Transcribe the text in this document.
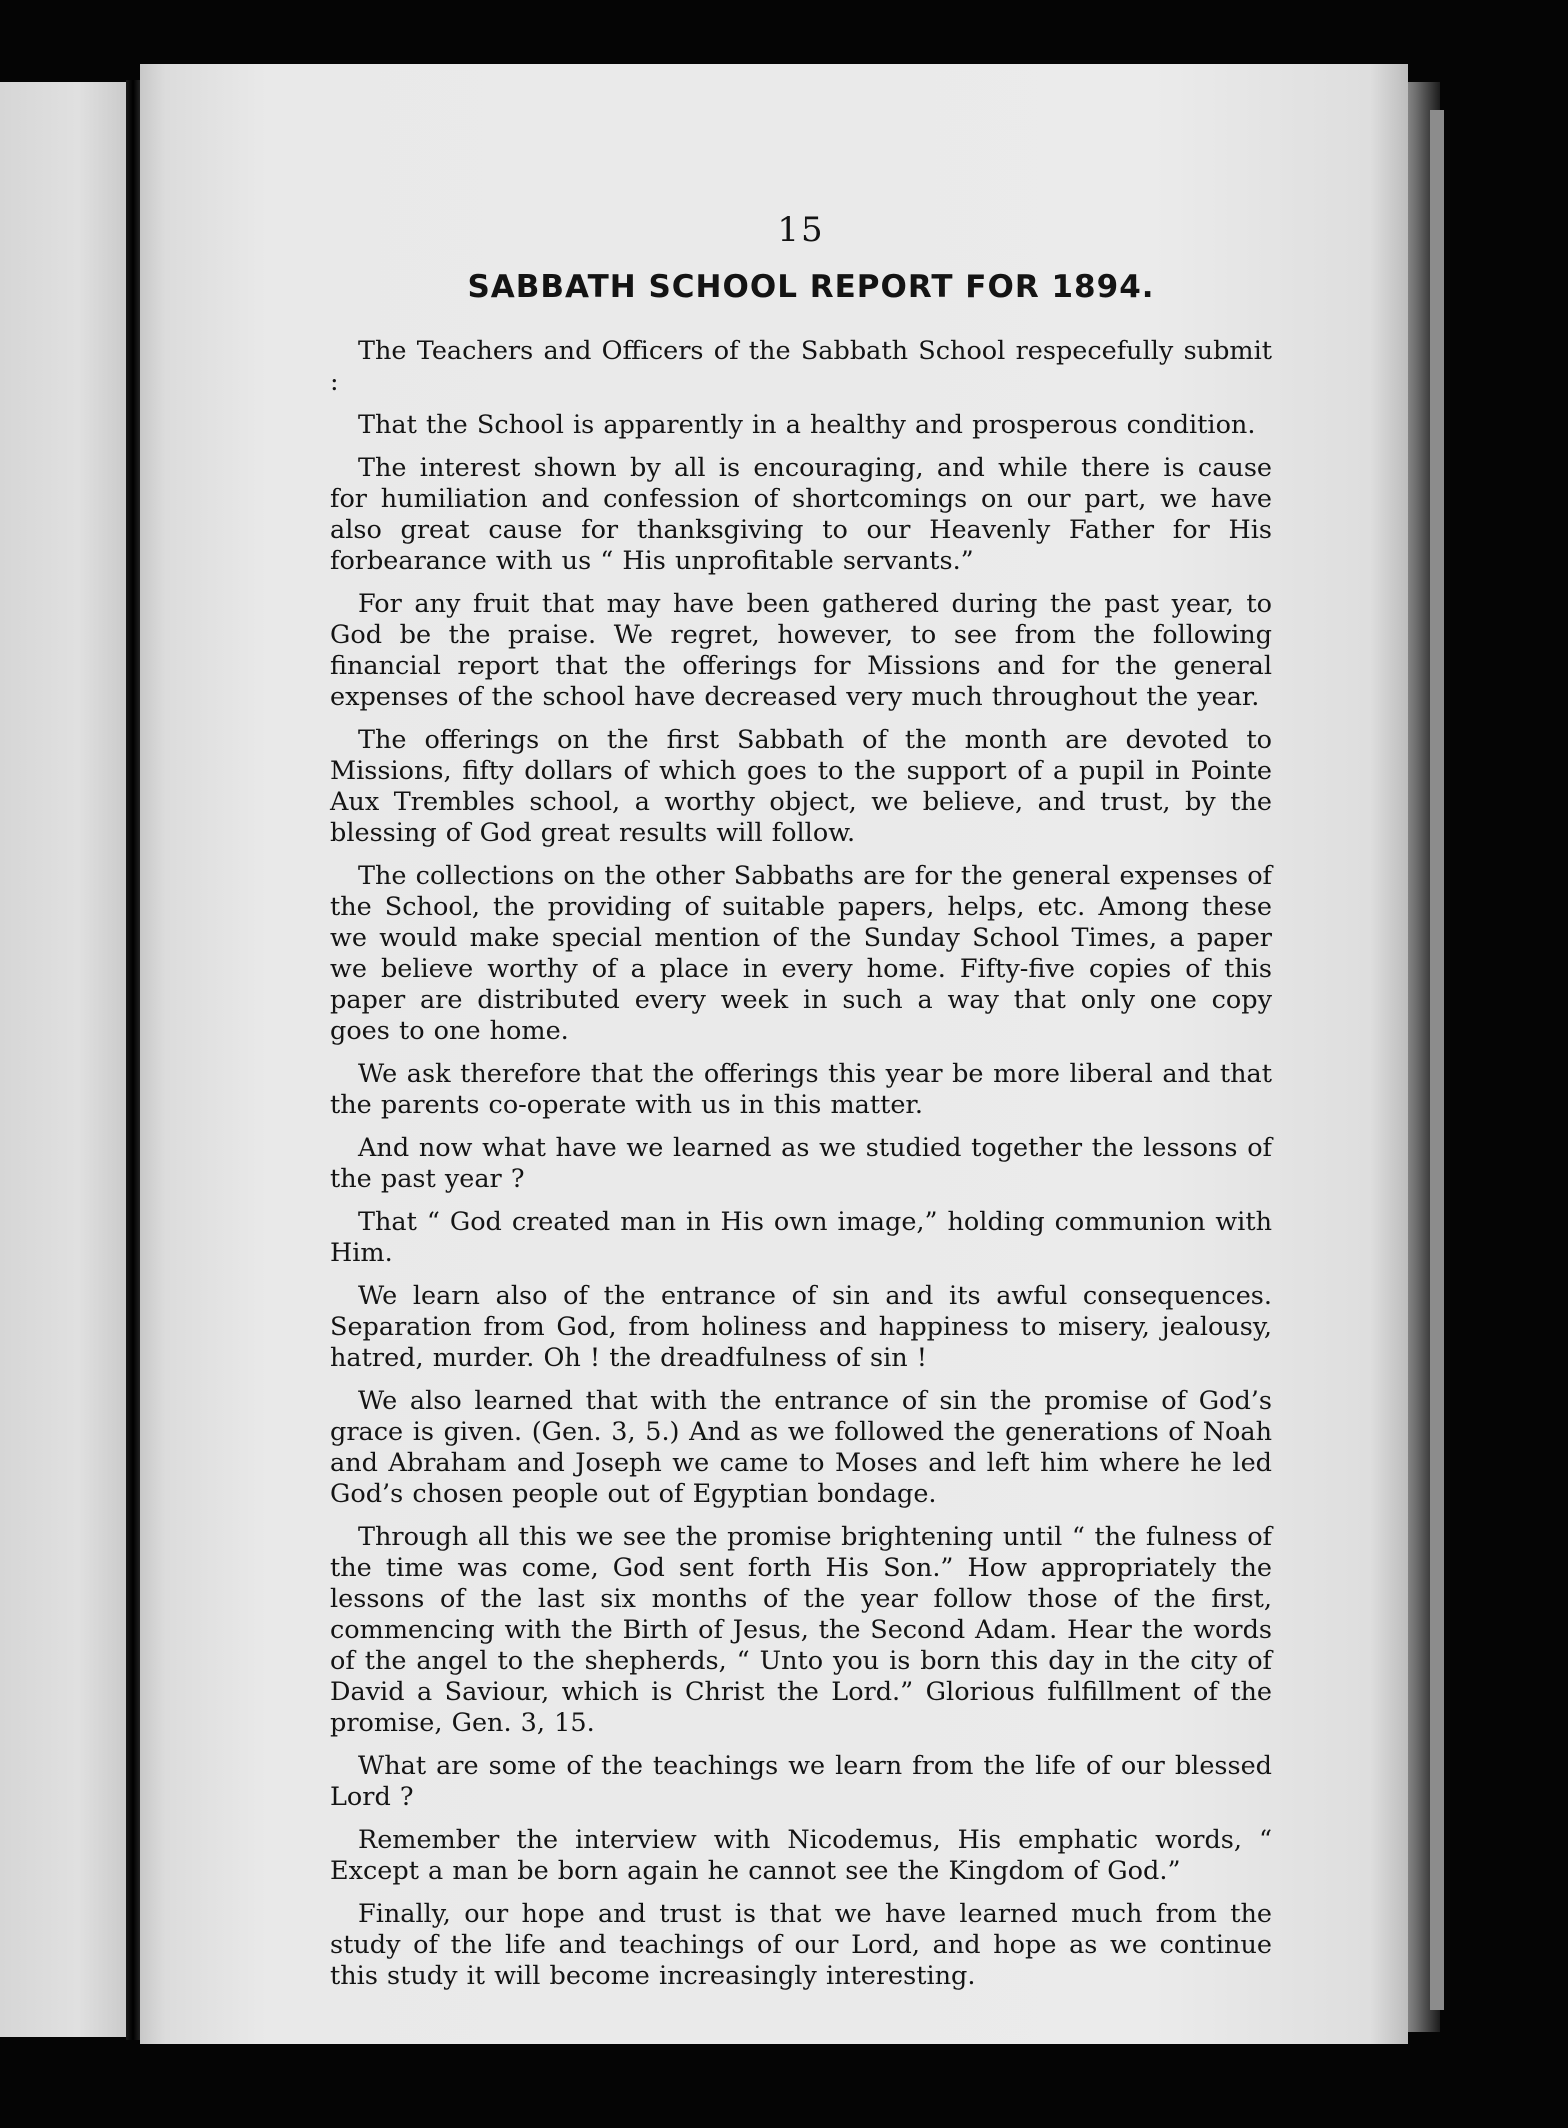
15
SABBATH SCHOOL REPORT FOR 1894.

The Teachers and Officers of the Sabbath School respecefully submit :

That the School is apparently in a healthy and prosperous condition.

The interest shown by all is encouraging, and while there is cause for humiliation and confession of shortcomings on our part, we have also great cause for thanksgiving to our Heavenly Father for His forbearance with us “ His unprofitable servants.”

For any fruit that may have been gathered during the past year, to God be the praise. We regret, however, to see from the following financial report that the offerings for Missions and for the general expenses of the school have decreased very much throughout the year.

The offerings on the first Sabbath of the month are devoted to Missions, fifty dollars of which goes to the support of a pupil in Pointe Aux Trembles school, a worthy object, we believe, and trust, by the blessing of God great results will follow.

The collections on the other Sabbaths are for the general expenses of the School, the providing of suitable papers, helps, etc. Among these we would make special mention of the Sunday School Times, a paper we believe worthy of a place in every home. Fifty-five copies of this paper are distributed every week in such a way that only one copy goes to one home.

We ask therefore that the offerings this year be more liberal and that the parents co-operate with us in this matter.

And now what have we learned as we studied together the lessons of the past year ?

That “ God created man in His own image,” holding communion with Him.

We learn also of the entrance of sin and its awful consequences. Separation from God, from holiness and happiness to misery, jealousy, hatred, murder. Oh ! the dreadfulness of sin !

We also learned that with the entrance of sin the promise of God’s grace is given. (Gen. 3, 5.) And as we followed the generations of Noah and Abraham and Joseph we came to Moses and left him where he led God’s chosen people out of Egyptian bondage.

Through all this we see the promise brightening until “ the fulness of the time was come, God sent forth His Son.” How appropriately the lessons of the last six months of the year follow those of the first, commencing with the Birth of Jesus, the Second Adam. Hear the words of the angel to the shepherds, “ Unto you is born this day in the city of David a Saviour, which is Christ the Lord.” Glorious fulfillment of the promise, Gen. 3, 15.

What are some of the teachings we learn from the life of our blessed Lord ?

Remember the interview with Nicodemus, His emphatic words, “ Except a man be born again he cannot see the Kingdom of God.”

Finally, our hope and trust is that we have learned much from the study of the life and teachings of our Lord, and hope as we continue this study it will become increasingly interesting.
